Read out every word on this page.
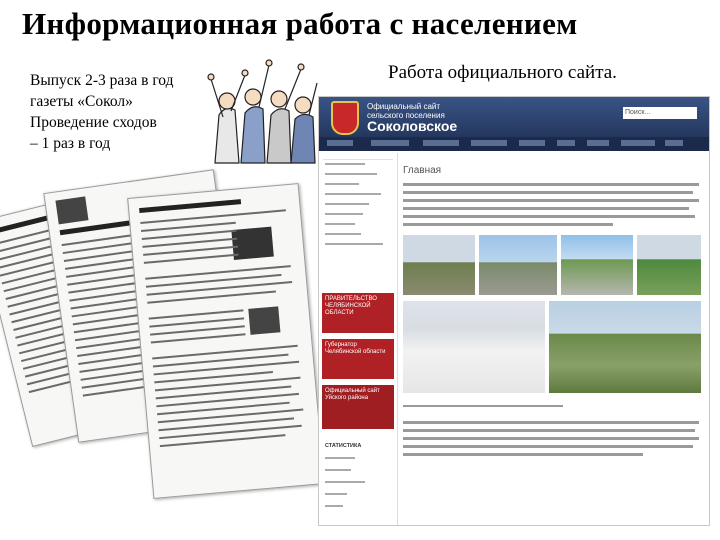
Информационная работа с населением
Выпуск 2-3 раза в год
газеты «Сокол»
Проведение сходов
– 1 раз в год
Работа официального сайта.
Официальный сайт
сельского поселения
Соколовское
Поиск...
ПРАВИТЕЛЬСТВО ЧЕЛЯБИНСКОЙ ОБЛАСТИ
Губернатор Челябинской области
Официальный сайт Уйского района
СТАТИСТИКА
Главная
